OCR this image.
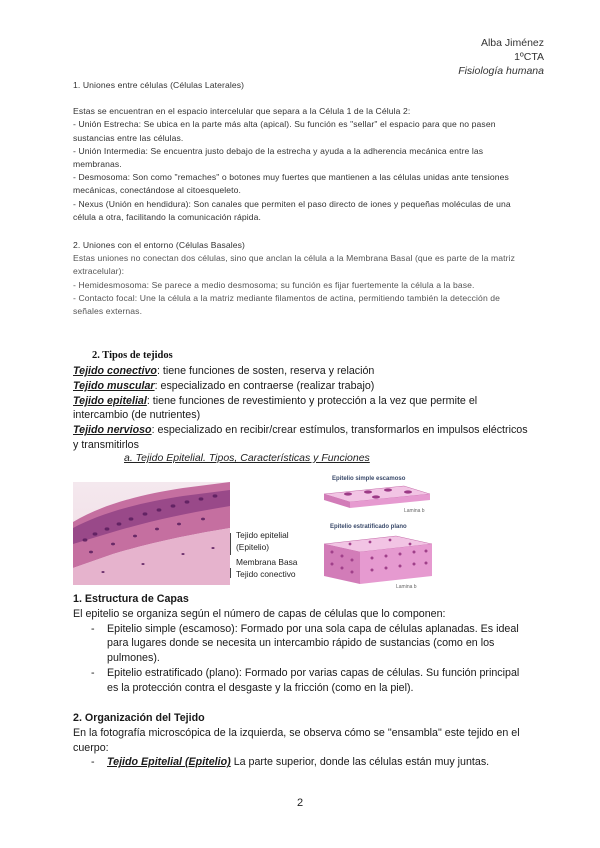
Alba Jiménez
1ºCTA
Fisiología humana

1. Uniones entre células (Células Laterales)

Estas se encuentran en el espacio intercelular que separa a la Célula 1 de la Célula 2:

- Unión Estrecha: Se ubica en la parte más alta (apical). Su función es "sellar" el espacio para que no pasen sustancias entre las células.

- Unión Intermedia: Se encuentra justo debajo de la estrecha y ayuda a la adherencia mecánica entre las membranas.

- Desmosoma: Son como "remaches" o botones muy fuertes que mantienen a las células unidas ante tensiones mecánicas, conectándose al citoesqueleto.

- Nexus (Unión en hendidura): Son canales que permiten el paso directo de iones y pequeñas moléculas de una célula a otra, facilitando la comunicación rápida.

2. Uniones con el entorno (Células Basales)

Estas uniones no conectan dos células, sino que anclan la célula a la Membrana Basal (que es parte de la matriz extracelular):

- Hemidesmosoma: Se parece a medio desmosoma; su función es fijar fuertemente la célula a la base.

- Contacto focal: Une la célula a la matriz mediante filamentos de actina, permitiendo también la detección de señales externas.

2. Tipos de tejidos

Tejido conectivo: tiene funciones de sosten, reserva y relación

Tejido muscular: especializado en contraerse (realizar trabajo)

Tejido epitelial: tiene funciones de revestimiento y protección a la vez que permite el intercambio (de nutrientes)

Tejido nervioso: especializado en recibir/crear estímulos, transformarlos en impulsos eléctricos y transmitirlos

a. Tejido Epitelial. Tipos, Características y Funciones
Tejido epitelial
(Epitelio)
Membrana Basa
Tejido conectivo
Epitelio simple escamoso
Lamina b
Epitelio estratificado plano
Lamina b

1. Estructura de Capas

El epitelio se organiza según el número de capas de células que lo componen:

- Epitelio simple (escamoso): Formado por una sola capa de células aplanadas. Es ideal para lugares donde se necesita un intercambio rápido de sustancias (como en los pulmones).
- Epitelio estratificado (plano): Formado por varias capas de células. Su función principal es la protección contra el desgaste y la fricción (como en la piel).

2. Organización del Tejido

En la fotografía microscópica de la izquierda, se observa cómo se "ensambla" este tejido en el cuerpo:

- Tejido Epitelial (Epitelio) La parte superior, donde las células están muy juntas.
2
